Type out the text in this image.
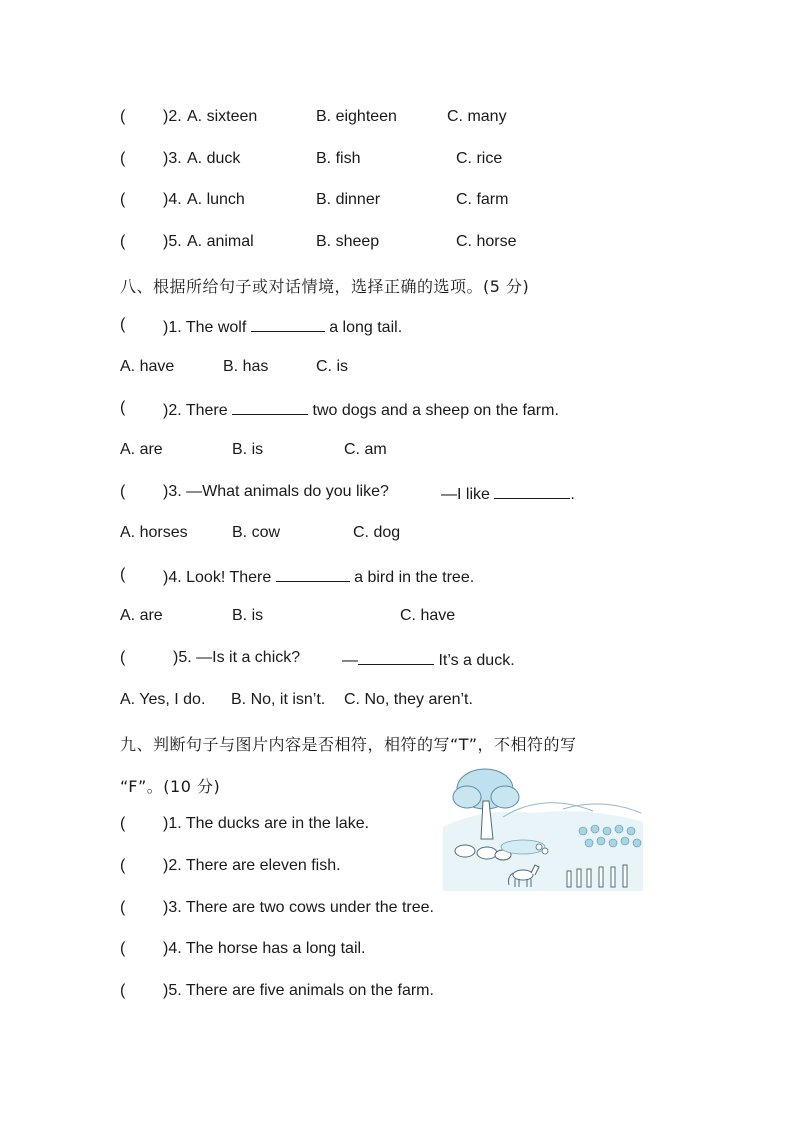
( )2. A. sixteen	B. eighteen	C. many
( )3. A. duck	B. fish	C. rice
( )4. A. lunch	B. dinner	C. farm
( )5. A. animal	B. sheep	C. horse
八、根据所给句子或对话情境，选择正确的选项。(5 分)
( )1. The wolf	a long tail.
A. have	B. has	C. is
( )2. There	two dogs and a sheep on the farm.
A. are	B. is	C. am
( )3. —What animals do you like?	—I like	.
A. horses	B. cow	C. dog
( )4. Look! There	a bird in the tree.
A. are	B. is	C. have
(	)5. —Is it a chick?	—	It’s a duck.
A. Yes, I do. B. No, it isn’t. C. No, they aren’t.
九、判断句子与图片内容是否相符，相符的写“T”，不相符的写
“F”。(10 分)
( )1. The ducks are in the lake.
( )2. There are eleven fish.
( )3. There are two cows under the tree.
( )4. The horse has a long tail.
( )5. There are five animals on the farm.
